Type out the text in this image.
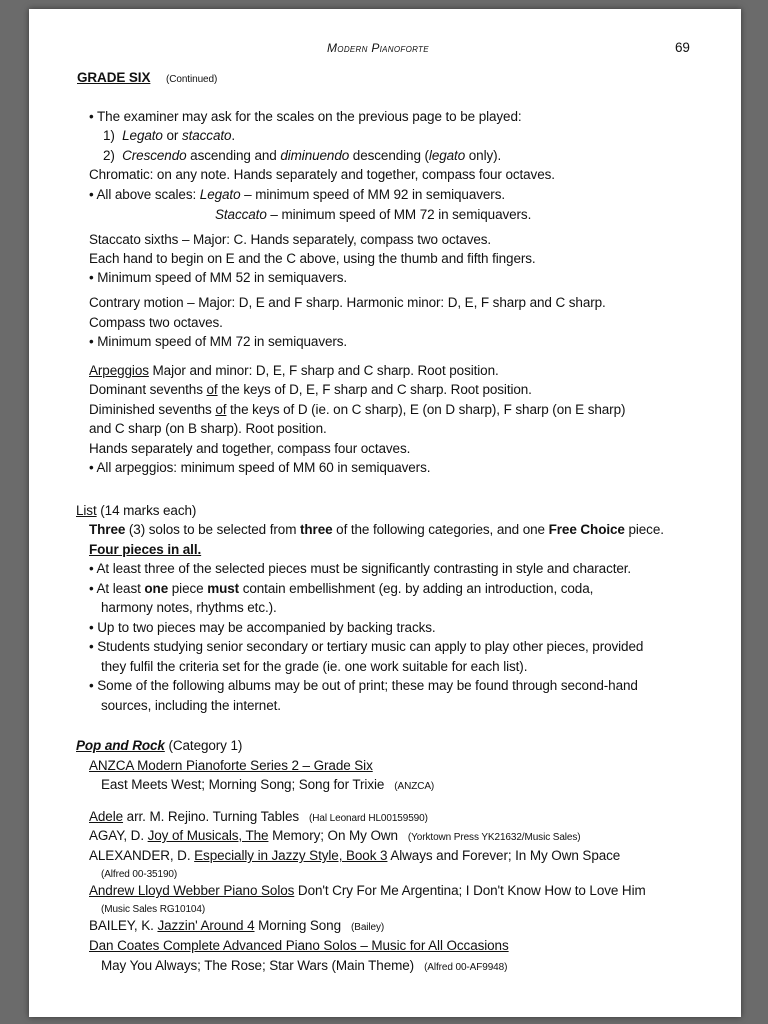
Modern Pianoforte	69
GRADE SIX (Continued)
• The examiner may ask for the scales on the previous page to be played:
1) Legato or staccato.
2) Crescendo ascending and diminuendo descending (legato only).
Chromatic: on any note. Hands separately and together, compass four octaves.
• All above scales: Legato – minimum speed of MM 92 in semiquavers.
Staccato – minimum speed of MM 72 in semiquavers.
Staccato sixths – Major: C. Hands separately, compass two octaves.
Each hand to begin on E and the C above, using the thumb and fifth fingers.
• Minimum speed of MM 52 in semiquavers.
Contrary motion – Major: D, E and F sharp. Harmonic minor: D, E, F sharp and C sharp.
Compass two octaves.
• Minimum speed of MM 72 in semiquavers.
Arpeggios Major and minor: D, E, F sharp and C sharp. Root position.
Dominant sevenths of the keys of D, E, F sharp and C sharp. Root position.
Diminished sevenths of the keys of D (ie. on C sharp), E (on D sharp), F sharp (on E sharp)
and C sharp (on B sharp). Root position.
Hands separately and together, compass four octaves.
• All arpeggios: minimum speed of MM 60 in semiquavers.
List (14 marks each)
Three (3) solos to be selected from three of the following categories, and one Free Choice piece.
Four pieces in all.
• At least three of the selected pieces must be significantly contrasting in style and character.
• At least one piece must contain embellishment (eg. by adding an introduction, coda,
harmony notes, rhythms etc.).
• Up to two pieces may be accompanied by backing tracks.
• Students studying senior secondary or tertiary music can apply to play other pieces, provided
they fulfil the criteria set for the grade (ie. one work suitable for each list).
• Some of the following albums may be out of print; these may be found through second-hand
sources, including the internet.
Pop and Rock (Category 1)
ANZCA Modern Pianoforte Series 2 – Grade Six
East Meets West; Morning Song; Song for Trixie (ANZCA)
Adele arr. M. Rejino. Turning Tables (Hal Leonard HL00159590)
AGAY, D. Joy of Musicals, The Memory; On My Own (Yorktown Press YK21632/Music Sales)
ALEXANDER, D. Especially in Jazzy Style, Book 3 Always and Forever; In My Own Space
(Alfred 00-35190)
Andrew Lloyd Webber Piano Solos Don't Cry For Me Argentina; I Don't Know How to Love Him
(Music Sales RG10104)
BAILEY, K. Jazzin' Around 4 Morning Song (Bailey)
Dan Coates Complete Advanced Piano Solos – Music for All Occasions
May You Always; The Rose; Star Wars (Main Theme) (Alfred 00-AF9948)
